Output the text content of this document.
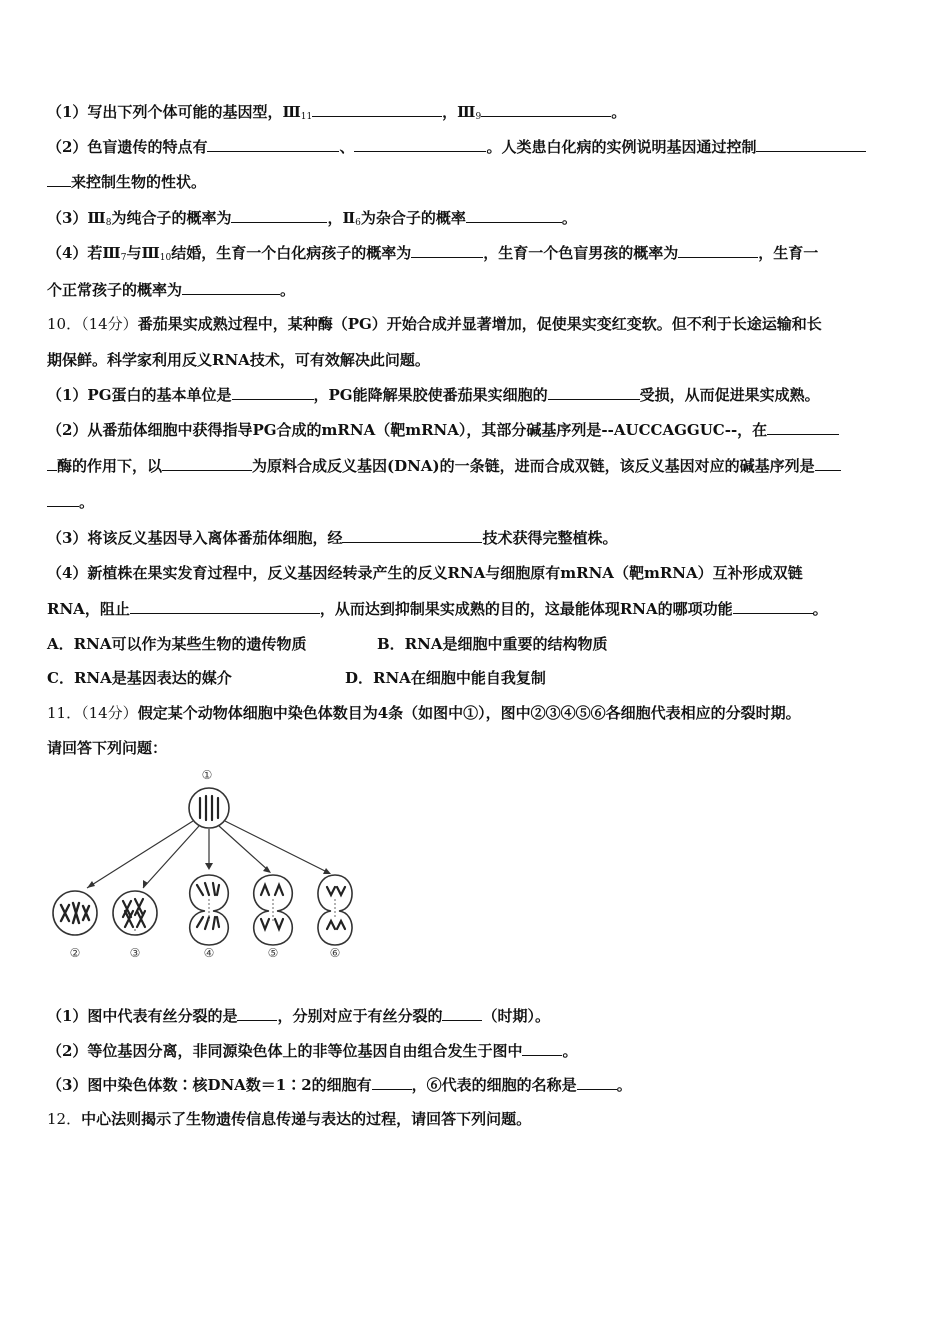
（1）写出下列个体可能的基因型，$Ⅲ_{11}$	，$Ⅲ_9$	。
（2）色盲遗传的特点有	、	。人类患白化病的实例说明基因通过控制
来控制生物的性状。
$(3)Ⅲ_8$为纯合子的概率为	，$Ⅱ_6$为杂合子的概率	。
（4）若$Ⅲ_7$与$Ⅲ_{10}$结婚，生育一个白化病孩子的概率为	，生育一个色盲男孩的概率为	，生育一
个正常孩子的概率为	。
10．（14分）番茄果实成熟过程中，某种酶（PG）开始合成并显著增加，促使果实变红变软。但不利于长途运输和长
期保鲜。科学家利用反义RNA技术，可有效解决此问题。
（1）PG蛋白的基本单位是	，PG能降解果胶使番茄果实细胞的	受损，从而促进果实成熟。
（2）从番茄体细胞中获得指导PG合成的mRNA（靶mRNA），其部分碱基序列是--AUCCAGGUC--，在
酶的作用下，以	为原料合成反义基因(DNA)的一条链，进而合成双链，该反义基因对应的碱基序列是
。
（3）将该反义基因导入离体番茄体细胞，经	技术获得完整植株。
（4）新植株在果实发育过程中，反义基因经转录产生的反义RNA与细胞原有mRNA（靶mRNA）互补形成双链
RNA，阻止	，从而达到抑制果实成熟的目的，这最能体现RNA的哪项功能	。
A．RNA可以作为某些生物的遗传物质	B．RNA是细胞中重要的结构物质
C．RNA是基因表达的媒介	D．RNA在细胞中能自我复制
11．（14分）假定某个动物体细胞中染色体数目为4条（如图中①），图中②③④⑤⑥各细胞代表相应的分裂时期。
请回答下列问题：
①
②	③	④	⑤	⑥
（1）图中代表有丝分裂的是	，分别对应于有丝分裂的	（时期）。
（2）等位基因分离，非同源染色体上的非等位基因自由组合发生于图中	。
（3）图中染色体数∶核DNA数＝1∶2的细胞有	，⑥代表的细胞的名称是	。
12．中心法则揭示了生物遗传信息传递与表达的过程，请回答下列问题。
